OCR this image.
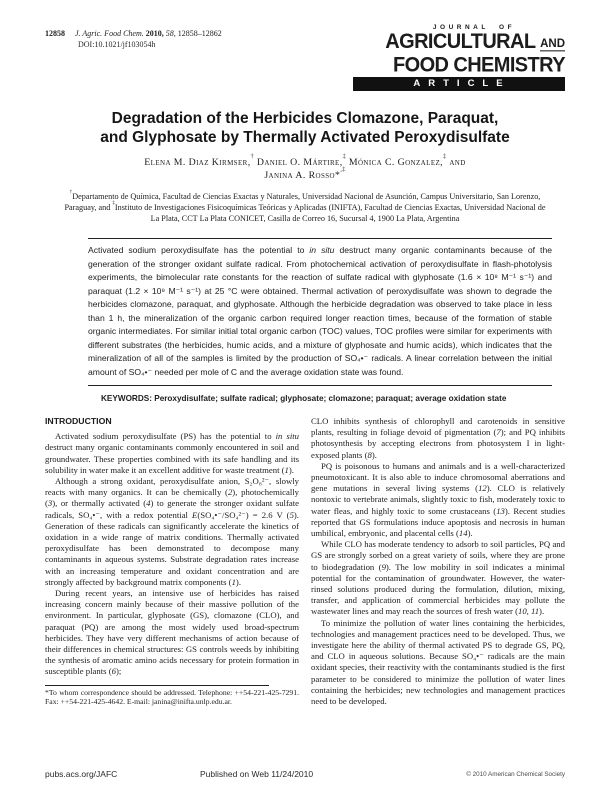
12858 J. Agric. Food Chem. 2010, 58, 12858–12862
DOI:10.1021/jf103054h
JOURNAL OF
AGRICULTURAL AND
FOOD CHEMISTRY
ARTICLE
Degradation of the Herbicides Clomazone, Paraquat,
and Glyphosate by Thermally Activated Peroxydisulfate
Elena M. Diaz Kirmser,† Daniel O. Mártire,‡ Mónica C. Gonzalez,‡ and
Janina A. Rosso*,‡
†Departamento de Química, Facultad de Ciencias Exactas y Naturales, Universidad Nacional de Asunción, Campus Universitario, San Lorenzo, Paraguay, and ‡Instituto de Investigaciones Fisicoquímicas Teóricas y Aplicadas (INIFTA), Facultad de Ciencias Exactas, Universidad Nacional de La Plata, CCT La Plata CONICET, Casilla de Correo 16, Sucursal 4, 1900 La Plata, Argentina

Activated sodium peroxydisulfate has the potential to in situ destruct many organic contaminants because of the generation of the stronger oxidant sulfate radical. From photochemical activation of peroxydisulfate in flash-photolysis experiments, the bimolecular rate constants for the reaction of sulfate radical with glyphosate (1.6 × 10⁸ M⁻¹ s⁻¹) and paraquat (1.2 × 10⁹ M⁻¹ s⁻¹) at 25 °C were obtained. Thermal activation of peroxydisulfate was shown to degrade the herbicides clomazone, paraquat, and glyphosate. Although the herbicide degradation was observed to take place in less than 1 h, the mineralization of the organic carbon required longer reaction times, because of the formation of stable organic intermediates. For similar initial total organic carbon (TOC) values, TOC profiles were similar for experiments with different substrates (the herbicides, humic acids, and a mixture of glyphosate and humic acids), which indicates that the mineralization of all of the samples is limited by the production of SO₄•⁻ radicals. A linear correlation between the initial amount of SO₄•⁻ needed per mole of C and the average oxidation state was found.

KEYWORDS: Peroxydisulfate; sulfate radical; glyphosate; clomazone; paraquat; average oxidation state

INTRODUCTION

Activated sodium peroxydisulfate (PS) has the potential to in situ destruct many organic contaminants commonly encountered in soil and groundwater. These properties combined with its safe handling and its solubility in water make it an excellent additive for waste treatment (1).

Although a strong oxidant, peroxydisulfate anion, S₂O₈²⁻, slowly reacts with many organics. It can be chemically (2), photochemically (3), or thermally activated (4) to generate the stronger oxidant sulfate radicals, SO₄•⁻, with a redox potential E(SO₄•⁻/SO₄²⁻) = 2.6 V (5). Generation of these radicals can significantly accelerate the kinetics of oxidation in a wide range of matrix conditions. Thermally activated peroxydisulfate has been demonstrated to decompose many contaminants in aqueous systems. Substrate degradation rates increase with an increasing temperature and oxidant concentration and are strongly affected by background matrix components (1).

During recent years, an intensive use of herbicides has raised increasing concern mainly because of their massive pollution of the environment. In particular, glyphosate (GS), clomazone (CLO), and paraquat (PQ) are among the most widely used broad-spectrum herbicides. They have very different mechanisms of action because of their differences in chemical structures: GS controls weeds by inhibiting the synthesis of aromatic amino acids necessary for protein formation in susceptible plants (6);

*To whom correspondence should be addressed. Telephone: ++54-221-425-7291. Fax: ++54-221-425-4642. E-mail: janina@inifta.unlp.edu.ar.

CLO inhibits synthesis of chlorophyll and carotenoids in sensitive plants, resulting in foliage devoid of pigmentation (7); and PQ inhibits photosynthesis by accepting electrons from photosystem I in light-exposed plants (8).

PQ is poisonous to humans and animals and is a well-characterized pneumotoxicant. It is also able to induce chromosomal aberrations and gene mutations in several living systems (12). CLO is relatively nontoxic to vertebrate animals, slightly toxic to fish, moderately toxic to water fleas, and highly toxic to some crustaceans (13). Recent studies reported that GS formulations induce apoptosis and necrosis in human umbilical, embryonic, and placental cells (14).

While CLO has moderate tendency to adsorb to soil particles, PQ and GS are strongly sorbed on a great variety of soils, where they are prone to biodegradation (9). The low mobility in soil indicates a minimal potential for the contamination of groundwater. However, the water-rinsed solutions produced during the formulation, dilution, mixing, transfer, and application of commercial herbicides may pollute the wastewater lines and may reach the sources of fresh water (10, 11).

To minimize the pollution of water lines containing the herbicides, technologies and management practices need to be developed. Thus, we investigate here the ability of thermal activated PS to degrade GS, PQ, and CLO in aqueous solutions. Because SO₄•⁻ radicals are the main oxidant species, their reactivity with the contaminants studied is the first parameter to be considered to minimize the pollution of water lines containing the herbicides; new technologies and management practices need to be developed.

pubs.acs.org/JAFC	Published on Web 11/24/2010	© 2010 American Chemical Society
